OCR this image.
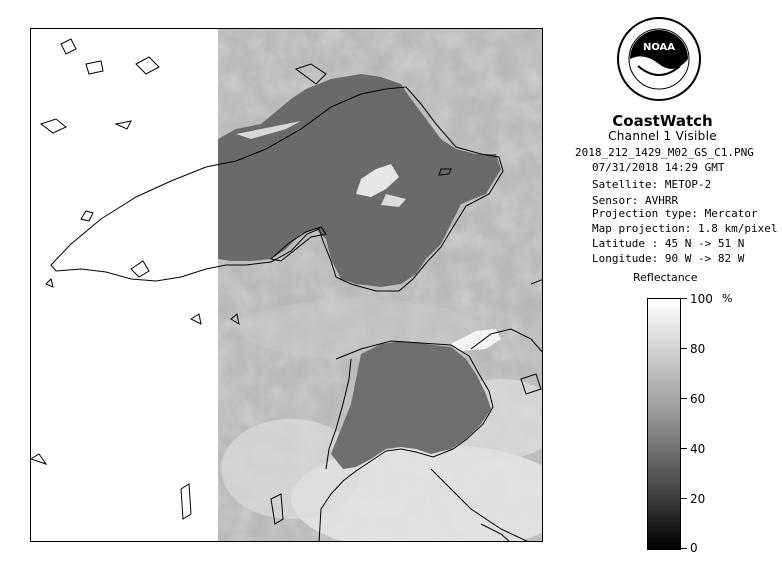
NOAA
CoastWatch
Channel 1 Visible
2018_212_1429_M02_GS_C1.PNG
07/31/2018 14:29 GMT
Satellite: METOP-2
Sensor: AVHRR
Projection type: Mercator
Map projection: 1.8 km/pixel
Latitude : 45 N -> 51 N
Longitude: 90 W -> 82 W
Reflectance
%
100
80
60
40
20
0
